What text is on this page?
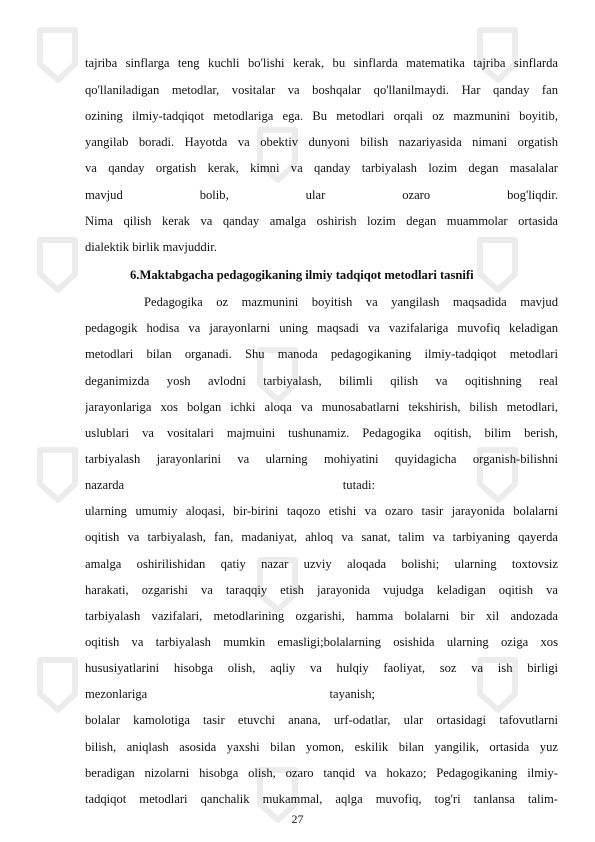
tajriba sinflarga teng kuchli bo'lishi kerak, bu sinflarda matematika tajriba sinflarda
qo'llaniladigan metodlar, vositalar va boshqalar qo'llanilmaydi. Har qanday fan
ozining ilmiy-tadqiqot metodlariga ega. Bu metodlari orqali oz mazmunini boyitib,
yangilab boradi. Hayotda va obektiv dunyoni bilish nazariyasida nimani orgatish
va qanday orgatish kerak, kimni va qanday tarbiyalash lozim degan masalalar
mavjud bolib, ular ozaro bog'liqdir.
Nima qilish kerak va qanday amalga oshirish lozim degan muammolar ortasida
dialektik birlik mavjuddir.
6.Maktabgacha pedagogikaning ilmiy tadqiqot metodlari tasnifi
Pedagogika oz mazmunini boyitish va yangilash maqsadida mavjud
pedagogik hodisa va jarayonlarni uning maqsadi va vazifalariga muvofiq keladigan
metodlari bilan organadi. Shu manoda pedagogikaning ilmiy-tadqiqot metodlari
deganimizda yosh avlodni tarbiyalash, bilimli qilish va oqitishning real
jarayonlariga xos bolgan ichki aloqa va munosabatlarni tekshirish, bilish metodlari,
uslublari va vositalari majmuini tushunamiz. Pedagogika oqitish, bilim berish,
tarbiyalash jarayonlarini va ularning mohiyatini quyidagicha organish-bilishni
nazarda tutadi:
ularning umumiy aloqasi, bir-birini taqozo etishi va ozaro tasir jarayonida bolalarni
oqitish va tarbiyalash, fan, madaniyat, ahloq va sanat, talim va tarbiyaning qayerda
amalga oshirilishidan qatiy nazar uzviy aloqada bolishi; ularning toxtovsiz
harakati, ozgarishi va taraqqiy etish jarayonida vujudga keladigan oqitish va
tarbiyalash vazifalari, metodlarining ozgarishi, hamma bolalarni bir xil andozada
oqitish va tarbiyalash mumkin emasligi;bolalarning osishida ularning oziga xos
hususiyatlarini hisobga olish, aqliy va hulqiy faoliyat, soz va ish birligi
mezonlariga tayanish;
bolalar kamolotiga tasir etuvchi anana, urf-odatlar, ular ortasidagi tafovutlarni
bilish, aniqlash asosida yaxshi bilan yomon, eskilik bilan yangilik, ortasida yuz
beradigan nizolarni hisobga olish, ozaro tanqid va hokazo; Pedagogikaning ilmiy-
tadqiqot metodlari qanchalik mukammal, aqlga muvofiq, tog'ri tanlansa talim-
27
